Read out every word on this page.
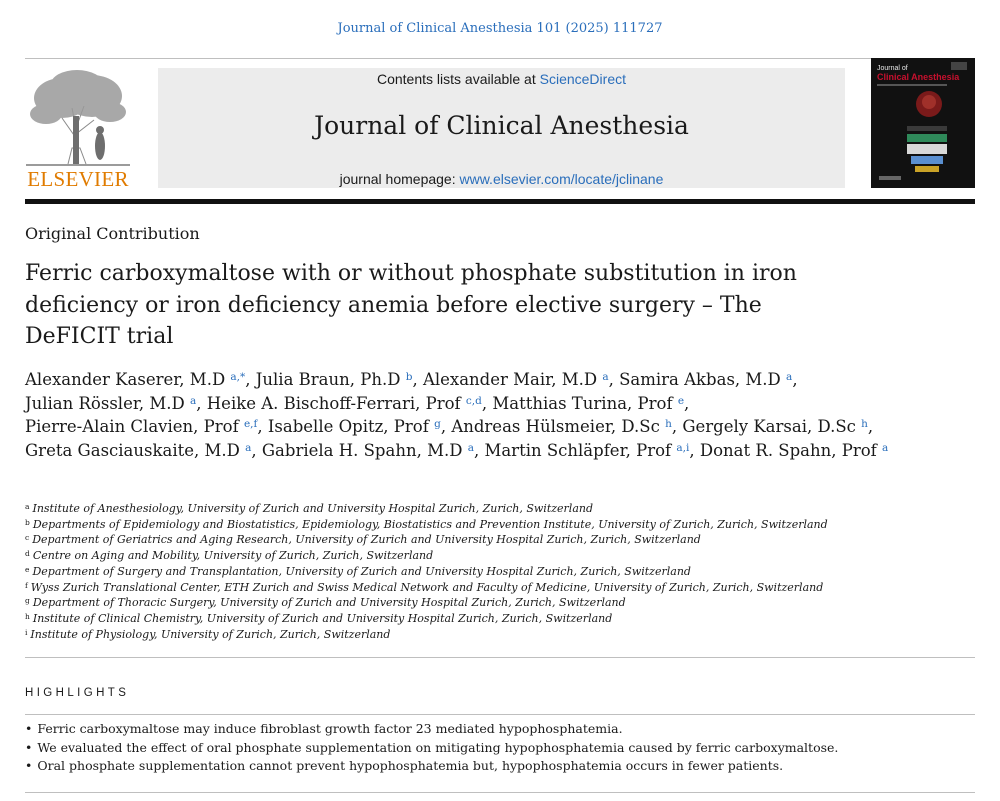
Journal of Clinical Anesthesia 101 (2025) 111727
ELSEVIER
Contents lists available at ScienceDirect
Journal of Clinical Anesthesia
journal homepage: www.elsevier.com/locate/jclinane
Journal of
Clinical Anesthesia
Original Contribution
Ferric carboxymaltose with or without phosphate substitution in iron deficiency or iron deficiency anemia before elective surgery – The DeFICIT trial
Alexander Kaserer, M.D $^{a,*}$, Julia Braun, Ph.D $^b$, Alexander Mair, M.D $^a$, Samira Akbas, M.D $^a$, Julian Rössler, M.D $^a$, Heike A. Bischoff-Ferrari, Prof $^{c,d}$, Matthias Turina, Prof $^e$, Pierre-Alain Clavien, Prof $^{e,f}$, Isabelle Opitz, Prof $^g$, Andreas Hülsmeier, D.Sc $^h$, Gergely Karsai, D.Sc $^h$, Greta Gasciauskaite, M.D $^a$, Gabriela H. Spahn, M.D $^a$, Martin Schläpfer, Prof $^{a,i}$, Donat R. Spahn, Prof $^a$
$^a$ Institute of Anesthesiology, University of Zurich and University Hospital Zurich, Zurich, Switzerland
$^b$ Departments of Epidemiology and Biostatistics, Epidemiology, Biostatistics and Prevention Institute, University of Zurich, Zurich, Switzerland
$^c$ Department of Geriatrics and Aging Research, University of Zurich and University Hospital Zurich, Zurich, Switzerland
$^d$ Centre on Aging and Mobility, University of Zurich, Zurich, Switzerland
$^e$ Department of Surgery and Transplantation, University of Zurich and University Hospital Zurich, Zurich, Switzerland
$^f$ Wyss Zurich Translational Center, ETH Zurich and Swiss Medical Network and Faculty of Medicine, University of Zurich, Zurich, Switzerland
$^g$ Department of Thoracic Surgery, University of Zurich and University Hospital Zurich, Zurich, Switzerland
$^h$ Institute of Clinical Chemistry, University of Zurich and University Hospital Zurich, Zurich, Switzerland
$^i$ Institute of Physiology, University of Zurich, Zurich, Switzerland
HIGHLIGHTS
• Ferric carboxymaltose may induce fibroblast growth factor 23 mediated hypophosphatemia.
• We evaluated the effect of oral phosphate supplementation on mitigating hypophosphatemia caused by ferric carboxymaltose.
• Oral phosphate supplementation cannot prevent hypophosphatemia but, hypophosphatemia occurs in fewer patients.
